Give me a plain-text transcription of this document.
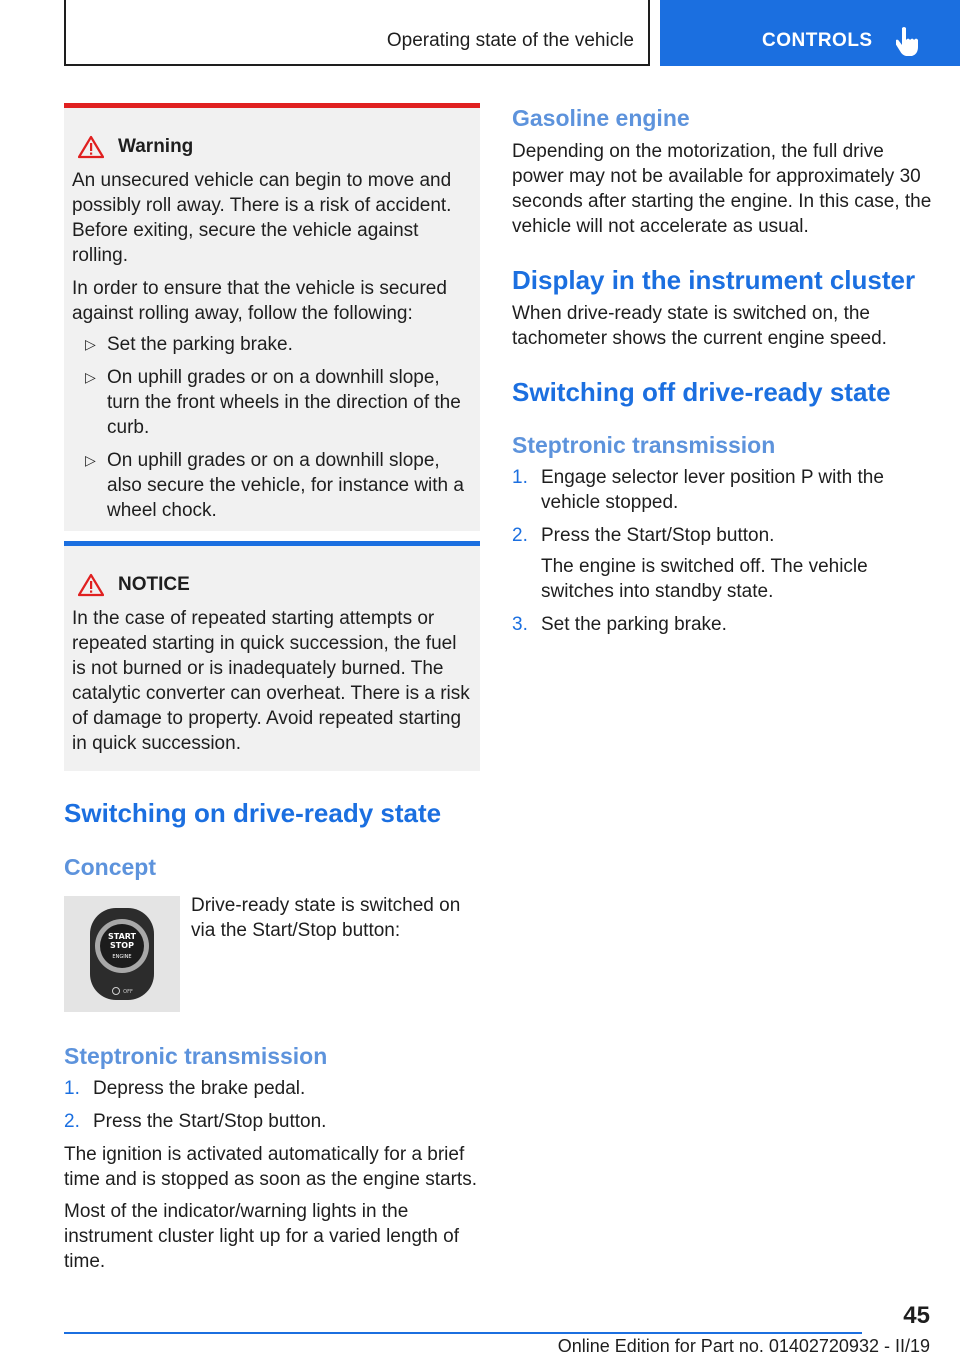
Operating state of the vehicle	CONTROLS
Warning
An unsecured vehicle can begin to move and possibly roll away. There is a risk of accident. Before exiting, secure the vehicle against rolling.
In order to ensure that the vehicle is secured against rolling away, follow the following:
▷ Set the parking brake.
▷ On uphill grades or on a downhill slope, turn the front wheels in the direction of the curb.
▷ On uphill grades or on a downhill slope, also secure the vehicle, for instance with a wheel chock.
NOTICE
In the case of repeated starting attempts or repeated starting in quick succession, the fuel is not burned or is inadequately burned. The catalytic converter can overheat. There is a risk of damage to property. Avoid repeated starting in quick succession.
Switching on drive-ready state
Concept
START
STOP
ENGINE
OFF
Drive-ready state is switched on via the Start/Stop button:
Steptronic transmission
1. Depress the brake pedal.
2. Press the Start/Stop button.
The ignition is activated automatically for a brief time and is stopped as soon as the engine starts.
Most of the indicator/warning lights in the instrument cluster light up for a varied length of time.
Gasoline engine
Depending on the motorization, the full drive power may not be available for approximately 30 seconds after starting the engine. In this case, the vehicle will not accelerate as usual.
Display in the instrument cluster
When drive-ready state is switched on, the tachometer shows the current engine speed.
Switching off drive-ready state
Steptronic transmission
1. Engage selector lever position P with the vehicle stopped.
2. Press the Start/Stop button.
The engine is switched off. The vehicle switches into standby state.
3. Set the parking brake.
45
Online Edition for Part no. 01402720932 - II/19
